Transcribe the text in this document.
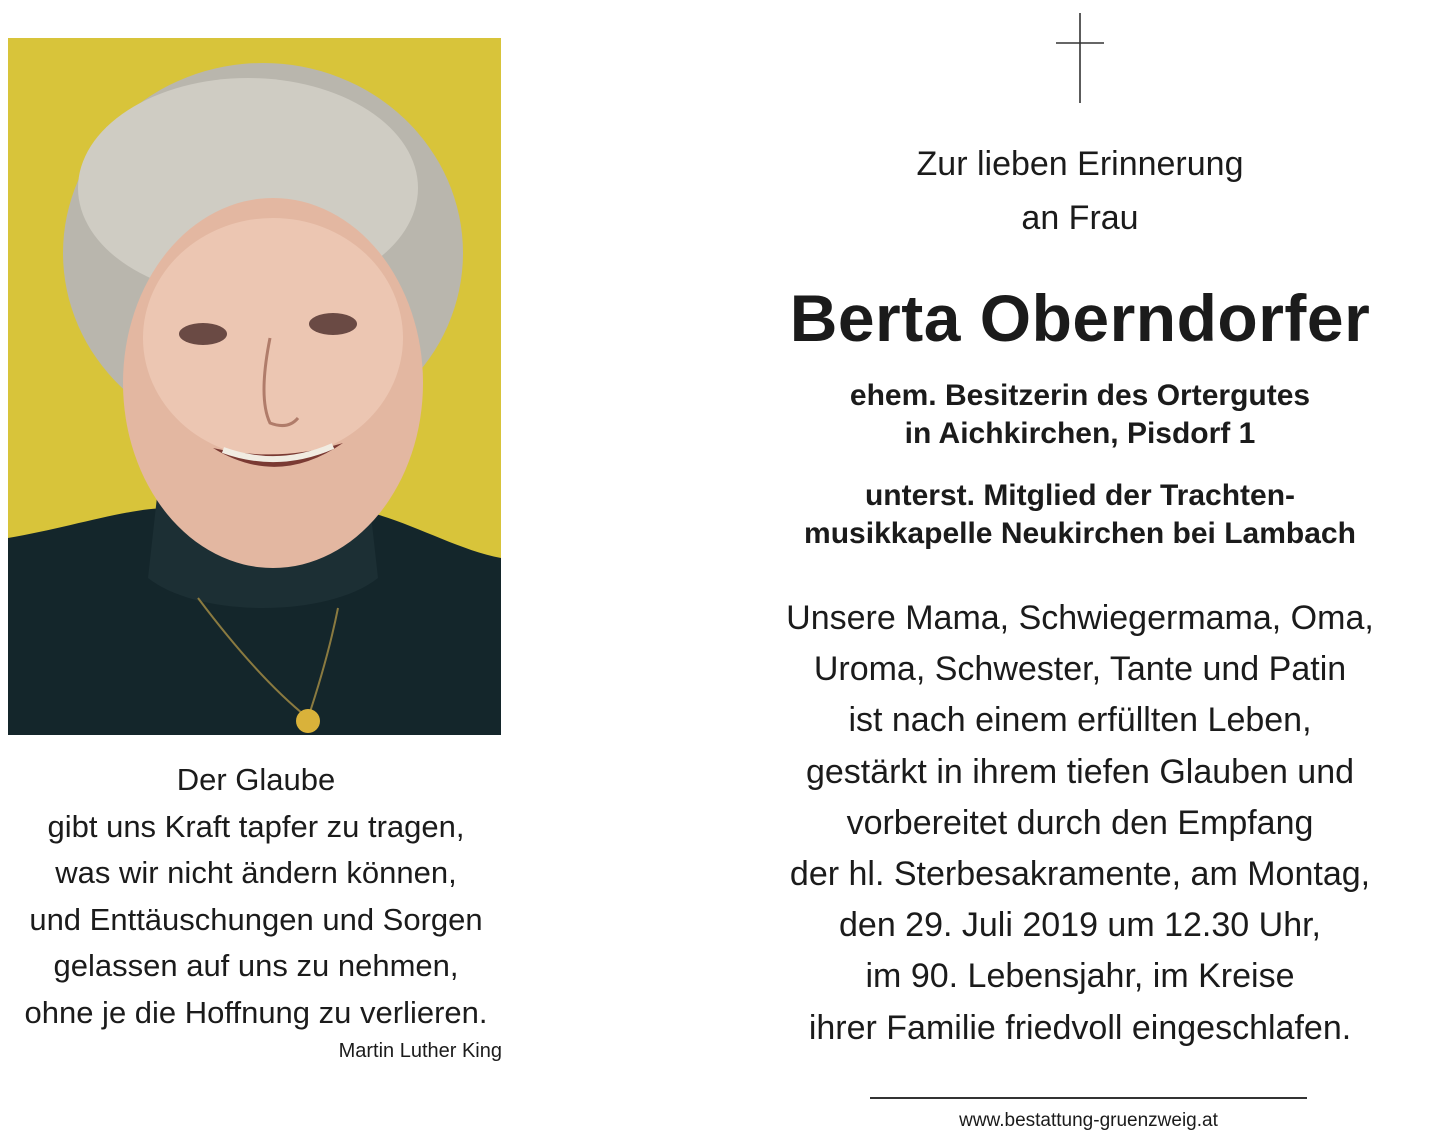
Der Glaube
gibt uns Kraft tapfer zu tragen,
was wir nicht ändern können,
und Enttäuschungen und Sorgen
gelassen auf uns zu nehmen,
ohne je die Hoffnung zu verlieren.
Martin Luther King
Zur lieben Erinnerung
an Frau
Berta Oberndorfer
ehem. Besitzerin des Ortergutes
in Aichkirchen, Pisdorf 1
unterst. Mitglied der Trachten-
musikkapelle Neukirchen bei Lambach
Unsere Mama, Schwiegermama, Oma,
Uroma, Schwester, Tante und Patin
ist nach einem erfüllten Leben,
gestärkt in ihrem tiefen Glauben und
vorbereitet durch den Empfang
der hl. Sterbesakramente, am Montag,
den 29. Juli 2019 um 12.30 Uhr,
im 90. Lebensjahr, im Kreise
ihrer Familie friedvoll eingeschlafen.
www.bestattung-gruenzweig.at
